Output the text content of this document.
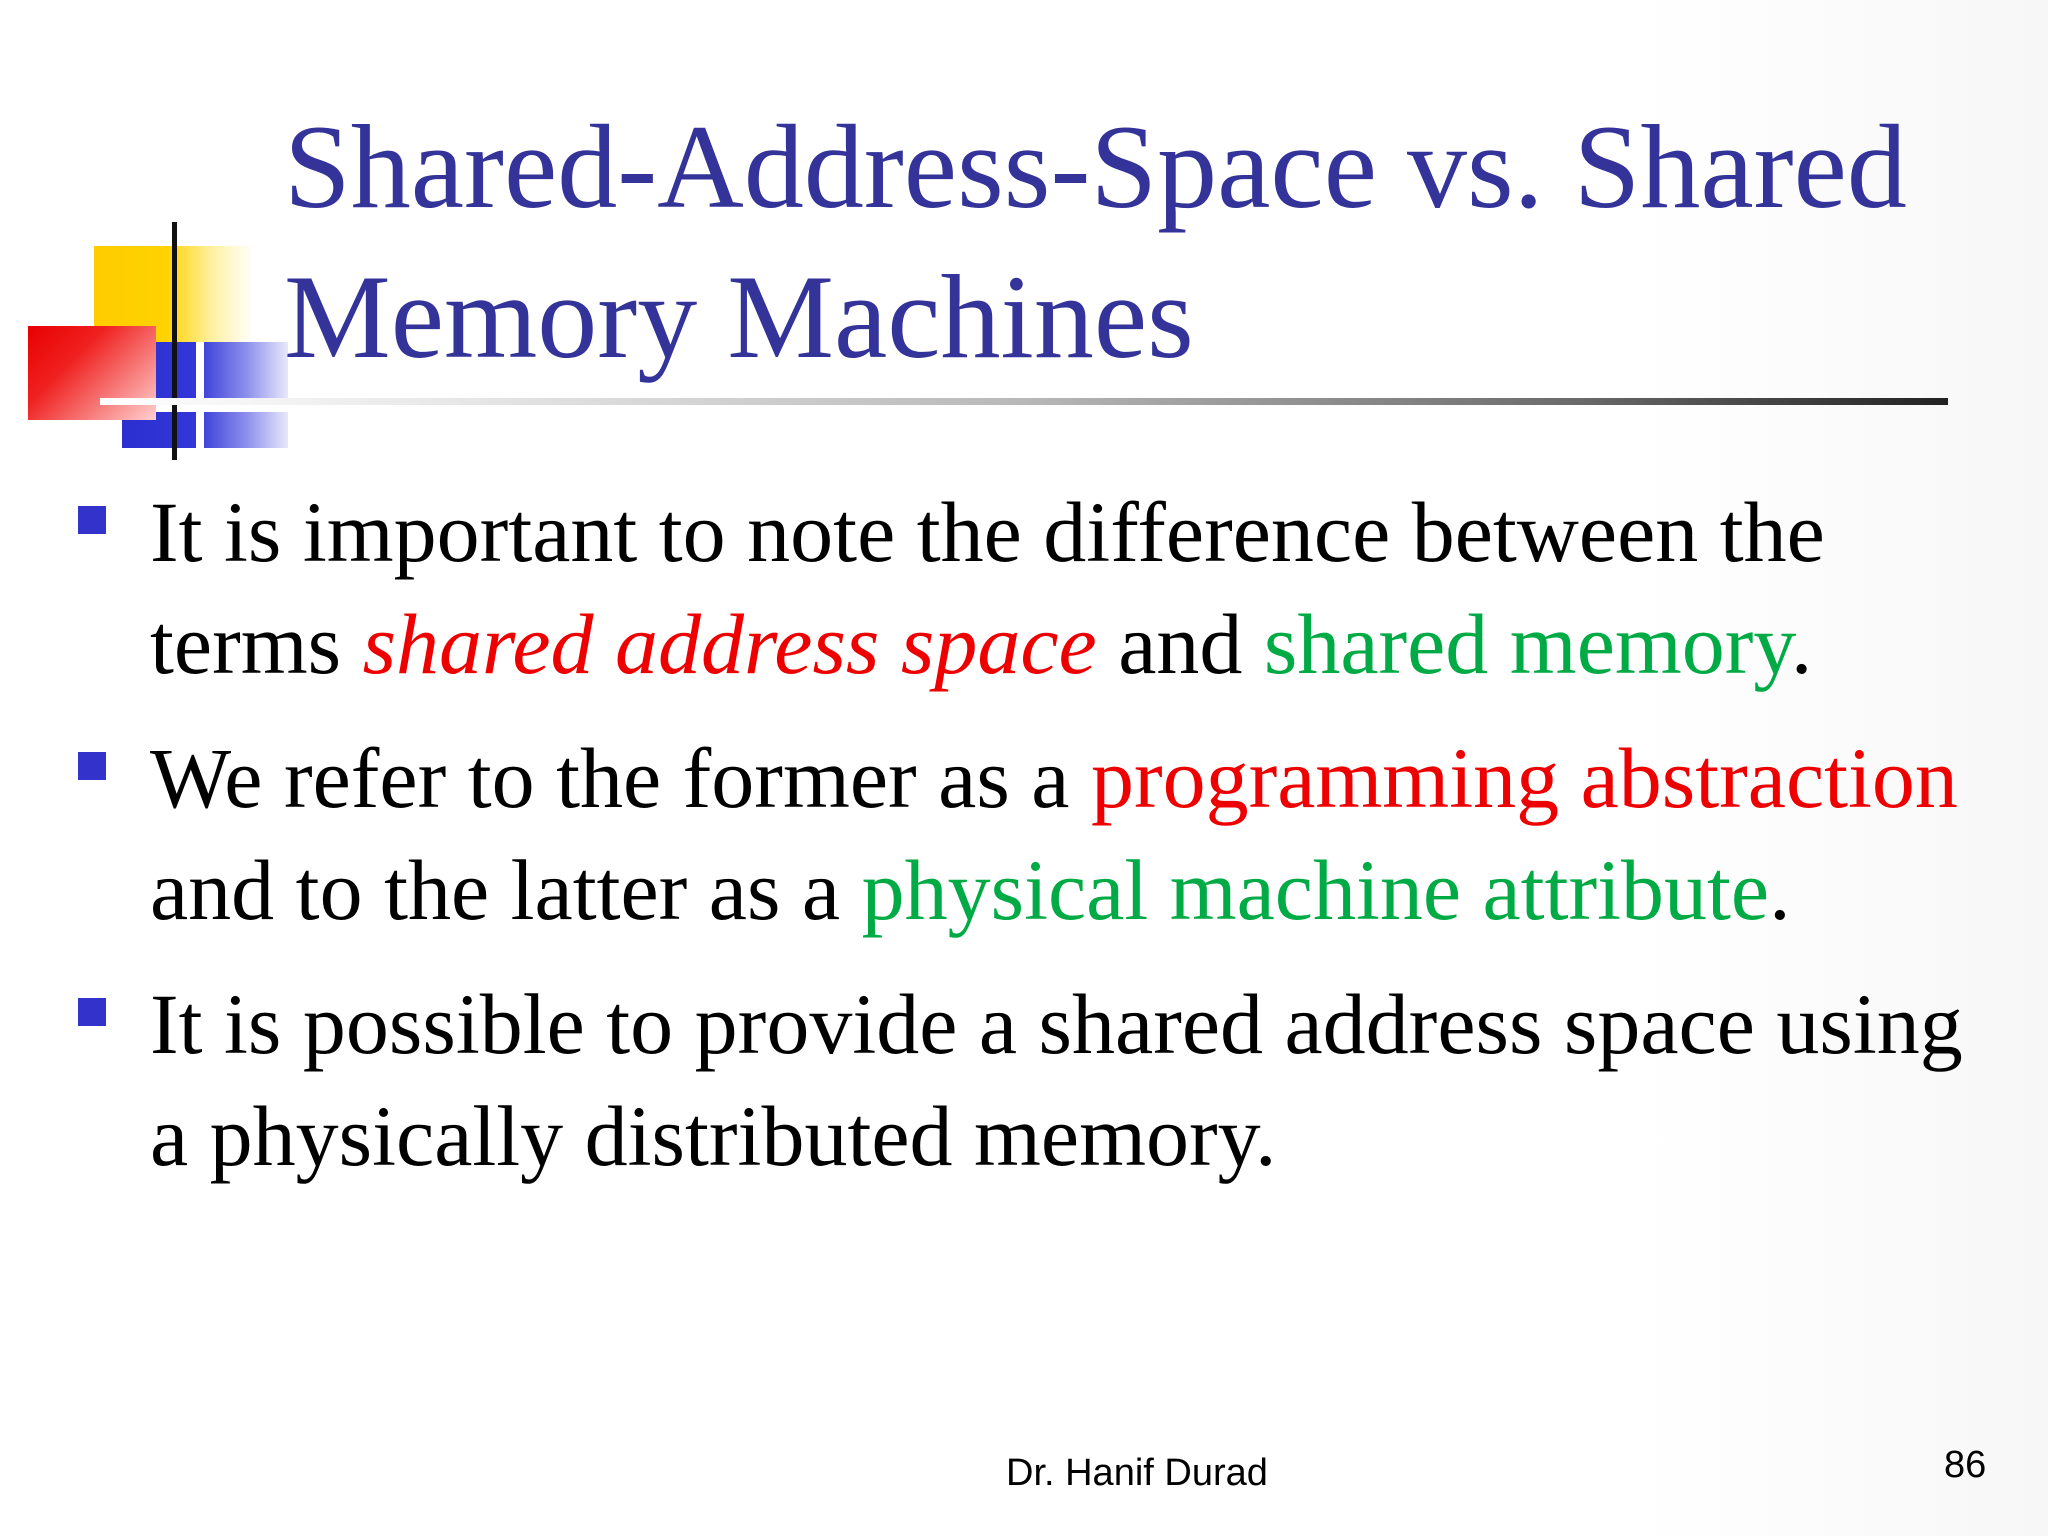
Shared-Address-Space vs. Shared Memory Machines
It is important to note the difference between the terms shared address space and shared memory.
We refer to the former as a programming abstraction and to the latter as a physical machine attribute.
It is possible to provide a shared address space using a physically distributed memory.
Dr. Hanif Durad	86
